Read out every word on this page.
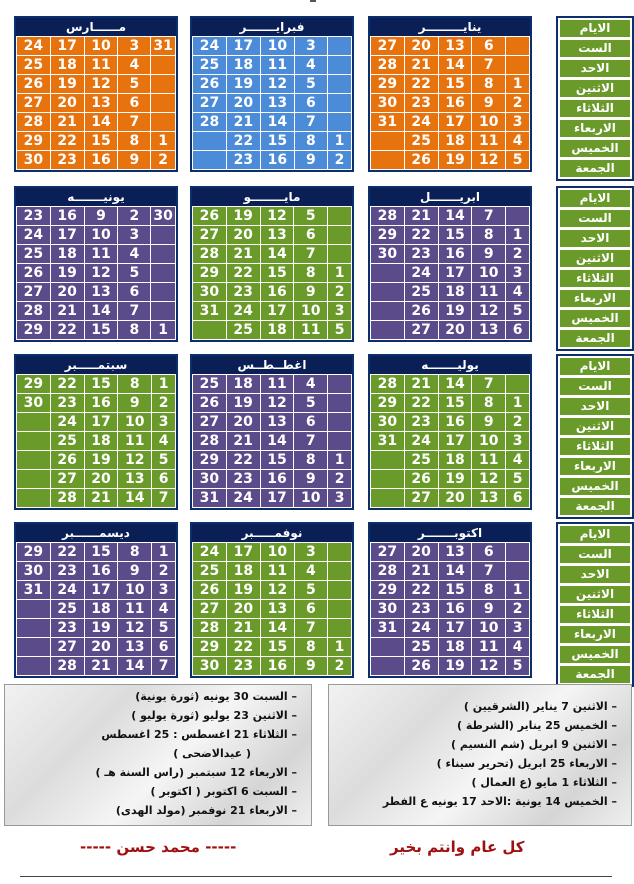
الايام
الست
الاحد
الاثنين
الثلاثاء
الاربعاء
الخميس
الجمعة
ينايـــــــــر
27	20	13	6	
28	21	14	7	
29	22	15	8	1
30	23	16	9	2
31	24	17	10	3
	25	18	11	4
	26	19	12	5
فبرايـــــــر
24	17	10	3	
25	18	11	4	
26	19	12	5	
27	20	13	6	
28	21	14	7	
	22	15	8	1
	23	16	9	2
مــــــارس
24	17	10	3	31
25	18	11	4	
26	19	12	5	
27	20	13	6	
28	21	14	7	
29	22	15	8	1
30	23	16	9	2
الايام
الست
الاحد
الاثنين
الثلاثاء
الاربعاء
الخميس
الجمعة
ابريـــــــل
28	21	14	7	
29	22	15	8	1
30	23	16	9	2
	24	17	10	3
	25	18	11	4
	26	19	12	5
	27	20	13	6
مايــــــــو
26	19	12	5	
27	20	13	6	
28	21	14	7	
29	22	15	8	1
30	23	16	9	2
31	24	17	10	3
	25	18	11	5
يونيـــــــه
23	16	9	2	30
24	17	10	3	
25	18	11	4	
26	19	12	5	
27	20	13	6	
28	21	14	7	
29	22	15	8	1
الايام
الست
الاحد
الاثنين
الثلاثاء
الاربعاء
الخميس
الجمعة
يوليـــــــه
28	21	14	7	
29	22	15	8	1
30	23	16	9	2
31	24	17	10	3
	25	18	11	4
	26	19	12	5
	27	20	13	6
اغطــطــس
25	18	11	4	
26	19	12	5	
27	20	13	6	
28	21	14	7	
29	22	15	8	1
30	23	16	9	2
31	24	17	10	3
سبتمـــــبر
29	22	15	8	1
30	23	16	9	2
	24	17	10	3
	25	18	11	4
	26	19	12	5
	27	20	13	6
	28	21	14	7
الايام
الست
الاحد
الاثنين
الثلاثاء
الاربعاء
الخميس
الجمعة
اكتوبـــــــر
27	20	13	6	
28	21	14	7	
29	22	15	8	1
30	23	16	9	2
31	24	17	10	3
	25	18	11	4
	26	19	12	5
نوفمـــــبر
24	17	10	3	
25	18	11	4	
26	19	12	5	
27	20	13	6	
28	21	14	7	
29	22	15	8	1
30	23	16	9	2
ديسمــــــبر
29	22	15	8	1
30	23	16	9	2
31	24	17	10	3
	25	18	11	4
	23	19	12	5
	27	20	13	6
	28	21	14	7
– الاثنين 7 يناير (الشرقيين )
– الخميس 25 يناير (الشرطة )
– الاثنين 9 ابريل (شم النسيم )
– الاربعاء 25 ابريل (تحرير سيناء )
– الثلاثاء 1 مايو (ع العمال )
– الخميس 14 يونية :الاحد 17 يونيه ع الفطر
– السبت 30 يونيه (ثورة يونية)
– الاثنين 23 يوليو (ثورة يوليو )
– الثلاثاء 21 اغسطس : 25 اغسطس
( عيدالاضحى )
– الاربعاء 12 سبتمبر (راس السنة هـ )
– السبت 6 اكتوبر ( اكتوبر )
– الاربعاء 21 نوفمبر (مولد الهدى)
كل عام وانتم بخير
----- محمد حسن -----
